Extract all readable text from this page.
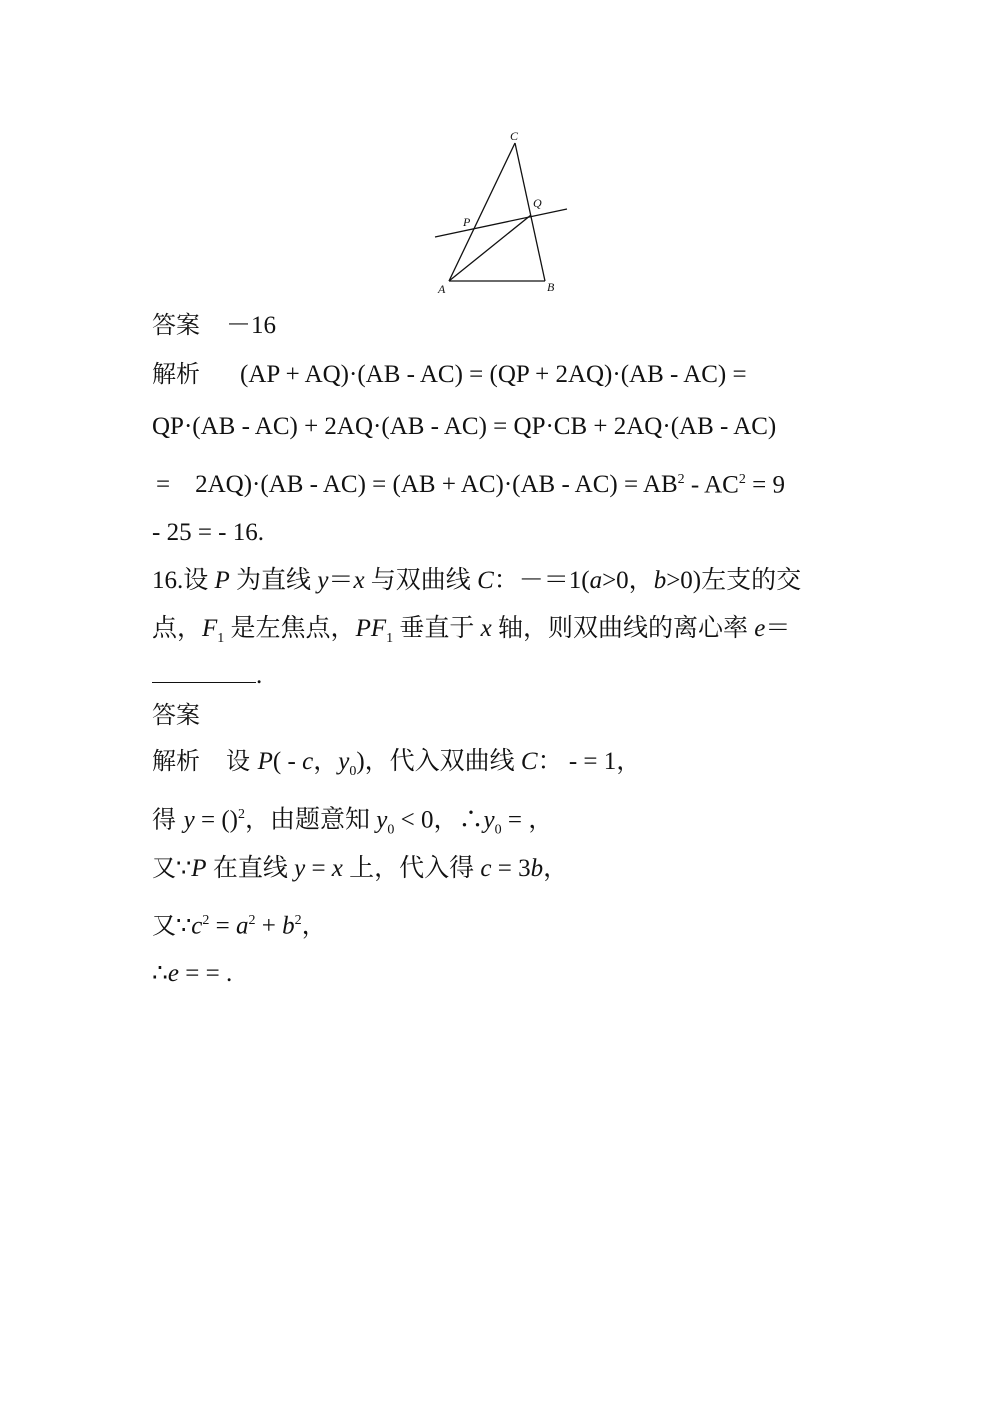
C
Q
P
A	B
答案 －16
解析 (AP + AQ)·(AB - AC) = (QP + 2AQ)·(AB - AC) =
QP·(AB - AC) + 2AQ·(AB - AC) = QP·CB + 2AQ·(AB - AC)
=　$2AQ)\cdot(AB - AC) = (AB + AC)\cdot(AB - AC) = AB^2 - AC^2 = 9$
- 25 = - 16.
16.设 P 为直线 y＝x 与双曲线 C：－＝1(a>0，b>0)左支的交
点，$F_1$ 是左焦点，$PF_1$ 垂直于 x 轴，则双曲线的离心率 e＝
.
答案
解析 设 P( - c，$y_0$)，代入双曲线 C： - = 1，
得 y = ()$^2$，由题意知 $y_0 < 0$，$\therefore y_0$ = ，
又∵P 在直线 y = x 上，代入得 c = 3b，
又$\because c^2 = a^2 + b^2$，
∴e = = .
